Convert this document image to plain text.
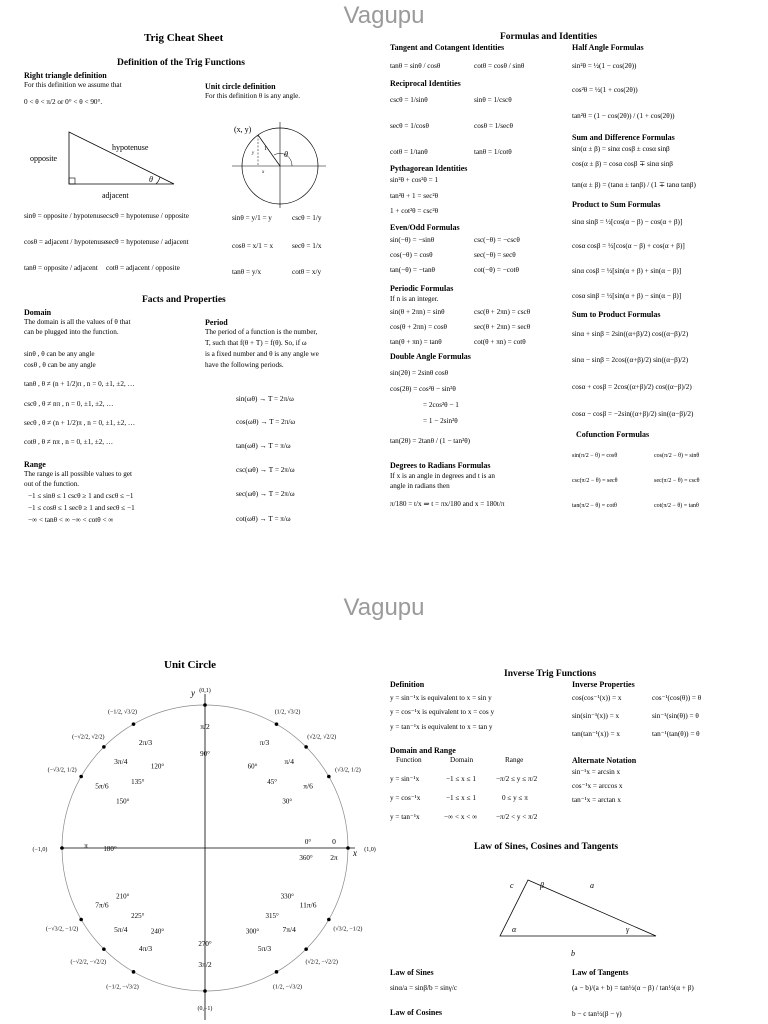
Vagupu
Trig Cheat Sheet
Definition of the Trig Functions
Right triangle definition
For this definition we assume that
0 < θ < π/2 or 0° < θ < 90°.
opposite
hypotenuse
adjacent
θ
Unit circle definition
For this definition θ is any angle.
(x, y)
θ
1
x
y
sinθ = opposite / hypotenuse cscθ = hypotenuse / opposite
cosθ = adjacent / hypotenuse secθ = hypotenuse / adjacent
tanθ = opposite / adjacent cotθ = adjacent / opposite
sinθ = y/1 = y	cscθ = 1/y
cosθ = x/1 = x	secθ = 1/x
tanθ = y/x	cotθ = x/y
Facts and Properties
Domain
The domain is all the values of θ that
can be plugged into the function.
sinθ , θ can be any angle
cosθ , θ can be any angle
tanθ , θ ≠ (n + 1/2)π , n = 0, ±1, ±2, …
cscθ , θ ≠ nπ , n = 0, ±1, ±2, …
secθ , θ ≠ (n + 1/2)π , n = 0, ±1, ±2, …
cotθ , θ ≠ nπ , n = 0, ±1, ±2, …
Period
The period of a function is the number,
T, such that f(θ + T) = f(θ). So, if ω
is a fixed number and θ is any angle we
have the following periods.
sin(ωθ) → T = 2π/ω
cos(ωθ) → T = 2π/ω
tan(ωθ) → T = π/ω
csc(ωθ) → T = 2π/ω
sec(ωθ) → T = 2π/ω
cot(ωθ) → T = π/ω
Range
The range is all possible values to get
out of the function.
−1 ≤ sinθ ≤ 1 cscθ ≥ 1 and cscθ ≤ −1
−1 ≤ cosθ ≤ 1 secθ ≥ 1 and secθ ≤ −1
−∞ < tanθ < ∞ −∞ < cotθ < ∞
Formulas and Identities
Tangent and Cotangent Identities
tanθ = sinθ / cosθ	cotθ = cosθ / sinθ
Reciprocal Identities
cscθ = 1/sinθ	sinθ = 1/cscθ
secθ = 1/cosθ	cosθ = 1/secθ
cotθ = 1/tanθ	tanθ = 1/cotθ
Pythagorean Identities
sin²θ + cos²θ = 1
tan²θ + 1 = sec²θ
1 + cot²θ = csc²θ
Even/Odd Formulas
sin(−θ) = −sinθ	csc(−θ) = −cscθ
cos(−θ) = cosθ	sec(−θ) = secθ
tan(−θ) = −tanθ	cot(−θ) = −cotθ
Periodic Formulas
If n is an integer.
sin(θ + 2πn) = sinθ	csc(θ + 2πn) = cscθ
cos(θ + 2πn) = cosθ	sec(θ + 2πn) = secθ
tan(θ + πn) = tanθ	cot(θ + πn) = cotθ
Double Angle Formulas
sin(2θ) = 2sinθ cosθ
cos(2θ) = cos²θ − sin²θ
= 2cos²θ − 1
= 1 − 2sin²θ
tan(2θ) = 2tanθ / (1 − tan²θ)
Degrees to Radians Formulas
If x is an angle in degrees and t is an
angle in radians then
π/180 = t/x ⇒ t = πx/180 and x = 180t/π
Half Angle Formulas
sin²θ = ½(1 − cos(2θ))
cos²θ = ½(1 + cos(2θ))
tan²θ = (1 − cos(2θ)) / (1 + cos(2θ))
Sum and Difference Formulas
sin(α ± β) = sinα cosβ ± cosα sinβ
cos(α ± β) = cosα cosβ ∓ sinα sinβ
tan(α ± β) = (tanα ± tanβ) / (1 ∓ tanα tanβ)
Product to Sum Formulas
sinα sinβ = ½[cos(α − β) − cos(α + β)]
cosα cosβ = ½[cos(α − β) + cos(α + β)]
sinα cosβ = ½[sin(α + β) + sin(α − β)]
cosα sinβ = ½[sin(α + β) − sin(α − β)]
Sum to Product Formulas
sinα + sinβ = 2sin((α+β)/2) cos((α−β)/2)
sinα − sinβ = 2cos((α+β)/2) sin((α−β)/2)
cosα + cosβ = 2cos((α+β)/2) cos((α−β)/2)
cosα − cosβ = −2sin((α+β)/2) sin((α−β)/2)
Cofunction Formulas
sin(π/2 − θ) = cosθ	cos(π/2 − θ) = sinθ
csc(π/2 − θ) = secθ	sec(π/2 − θ) = cscθ
tan(π/2 − θ) = cotθ	cot(π/2 − θ) = tanθ
Vagupu
Unit Circle
x
y
(1,0)
0
0°
(√3/2, 1/2)
π/6
30°
(√2/2, √2/2)
π/4
45°
(1/2, √3/2)
π/3
60°
(0,1)
π/2
90°
(−1/2, √3/2)
2π/3
120°
(−√2/2, √2/2)
3π/4
135°
(−√3/2, 1/2)
5π/6
150°
(−1,0)	π 180°
(−√3/2, −1/2)
7π/6
210°
(−√2/2, −√2/2)
5π/4
225°
(−1/2, −√3/2)
4π/3
240°
(0,−1)
3π/2
270°
(1/2, −√3/2)
5π/3
300°
(√2/2, −√2/2)
7π/4
315°
(√3/2, −1/2)
11π/6
330°
2π
360°
Inverse Trig Functions
Definition
y = sin⁻¹x is equivalent to x = sin y
y = cos⁻¹x is equivalent to x = cos y
y = tan⁻¹x is equivalent to x = tan y
Inverse Properties
cos(cos⁻¹(x)) = x	cos⁻¹(cos(θ)) = θ
sin(sin⁻¹(x)) = x	sin⁻¹(sin(θ)) = θ
tan(tan⁻¹(x)) = x	tan⁻¹(tan(θ)) = θ
Domain and Range
Function	Domain	Range
y = sin⁻¹x	−1 ≤ x ≤ 1	−π/2 ≤ y ≤ π/2
y = cos⁻¹x	−1 ≤ x ≤ 1	0 ≤ y ≤ π
y = tan⁻¹x	−∞ < x < ∞	−π/2 < y < π/2
Alternate Notation
sin⁻¹x = arcsin x
cos⁻¹x = arccos x
tan⁻¹x = arctan x
Law of Sines, Cosines and Tangents
c	β	a
α	γ
b
Law of Sines
sinα/a = sinβ/b = sinγ/c
Law of Cosines
Law of Tangents
(a − b)/(a + b) = tan½(α − β) / tan½(α + β)
b − c tan½(β − γ)
